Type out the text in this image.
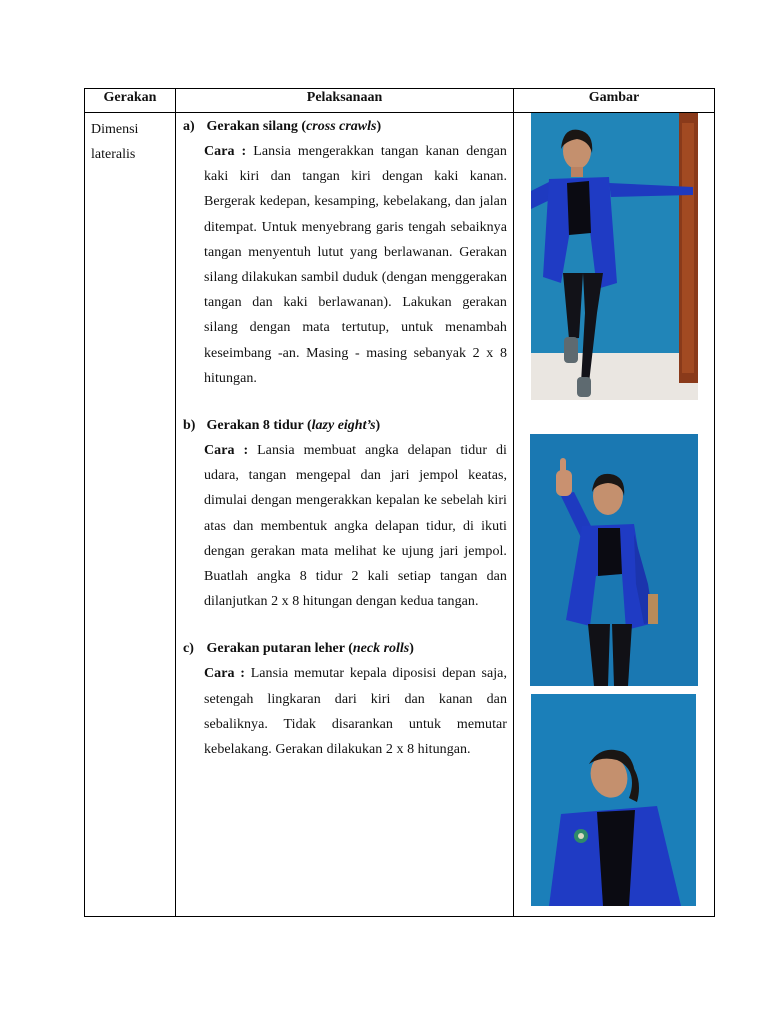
Gerakan	Pelaksanaan	Gambar
Dimensi
lateralis
a) Gerakan silang (cross crawls)
Cara : Lansia mengerakkan tangan kanan dengan kaki kiri dan tangan kiri dengan kaki kanan. Bergerak kedepan, kesamping, kebelakang, dan jalan ditempat. Untuk menyebrang garis tengah sebaiknya tangan menyentuh lutut yang berlawanan. Gerakan silang dilakukan sambil duduk (dengan menggerakan tangan dan kaki berlawanan). Lakukan gerakan silang dengan mata tertutup, untuk menambah keseimbang -an. Masing - masing sebanyak 2 x 8 hitungan.
b) Gerakan 8 tidur (lazy eight’s)
Cara : Lansia membuat angka delapan tidur di udara, tangan mengepal dan jari jempol keatas, dimulai dengan mengerakkan kepalan ke sebelah kiri atas dan membentuk angka delapan tidur, di ikuti dengan gerakan mata melihat ke ujung jari jempol. Buatlah angka 8 tidur 2 kali setiap tangan dan dilanjutkan 2 x 8 hitungan dengan kedua tangan.
c) Gerakan putaran leher (neck rolls)
Cara : Lansia memutar kepala diposisi depan saja, setengah lingkaran dari kiri dan kanan dan sebaliknya. Tidak disarankan untuk memutar kebelakang. Gerakan dilakukan 2 x 8 hitungan.
